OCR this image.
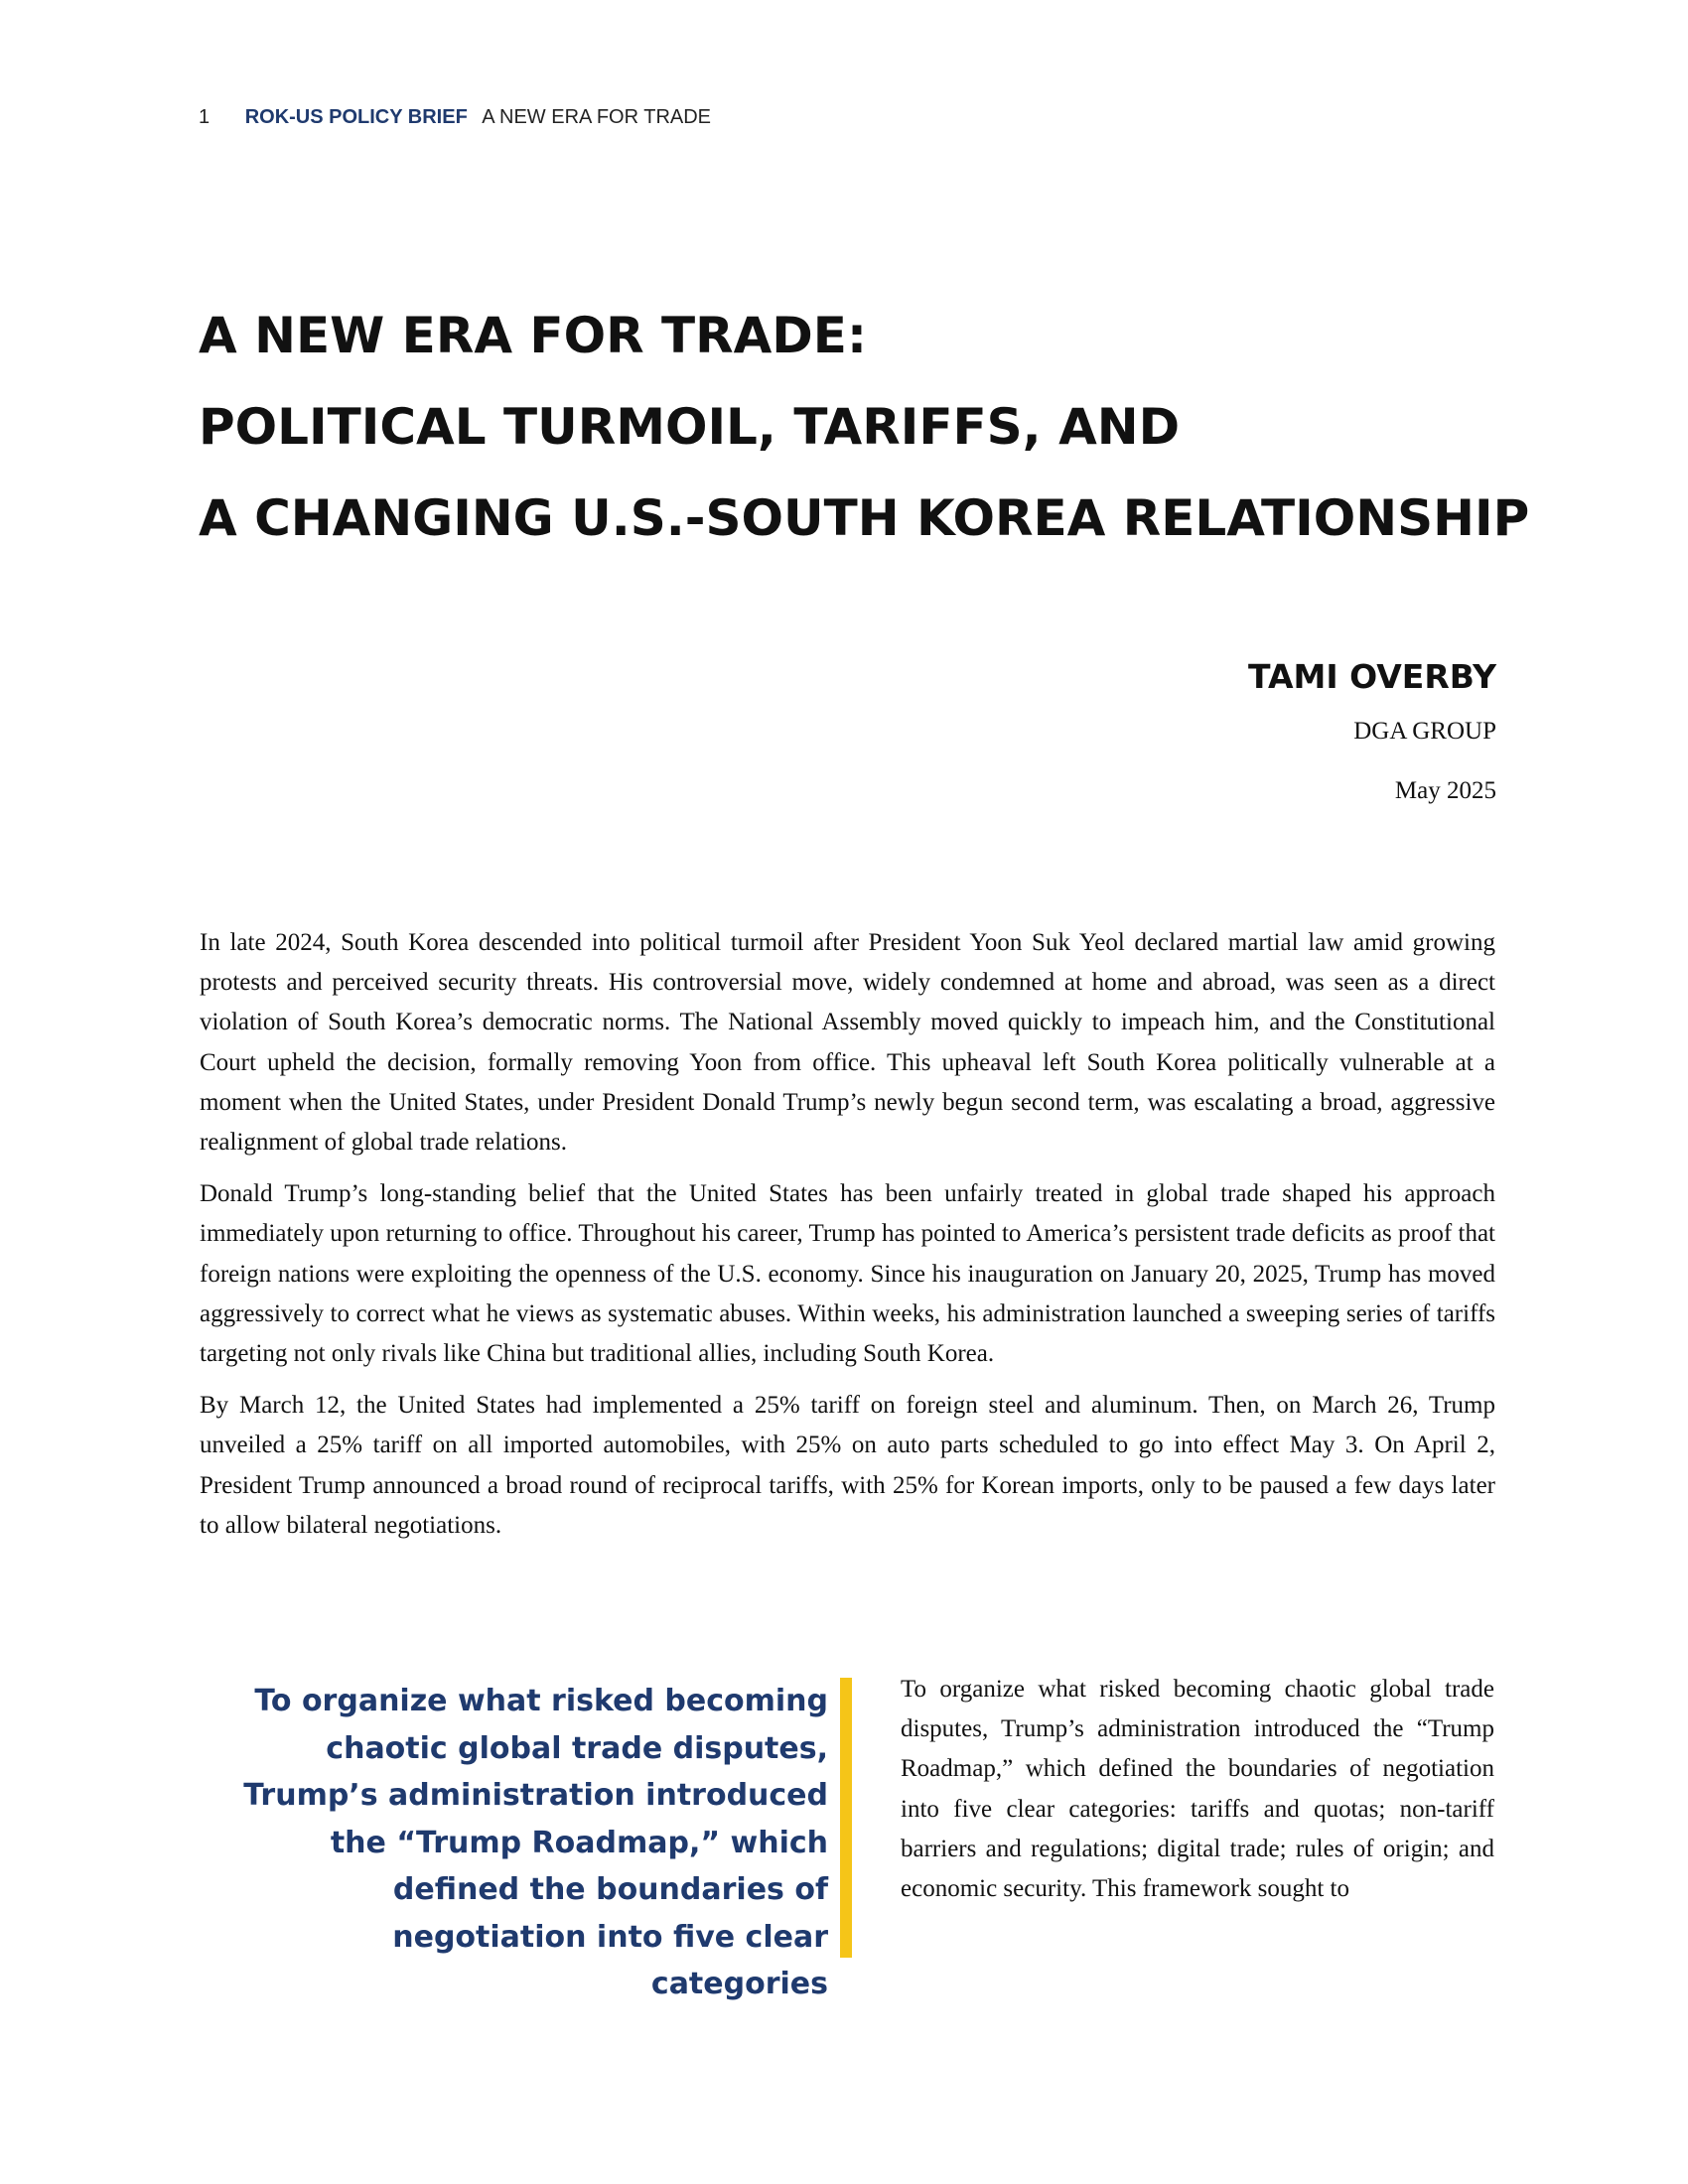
1 ROK-US POLICY BRIEF A NEW ERA FOR TRADE
A NEW ERA FOR TRADE:
POLITICAL TURMOIL, TARIFFS, AND
A CHANGING U.S.-SOUTH KOREA RELATIONSHIP
TAMI OVERBY
DGA GROUP
May 2025

In late 2024, South Korea descended into political turmoil after President Yoon Suk Yeol declared martial law amid growing protests and perceived security threats. His controversial move, widely condemned at home and abroad, was seen as a direct violation of South Korea’s democratic norms. The National Assembly moved quickly to impeach him, and the Constitutional Court upheld the decision, formally removing Yoon from office. This upheaval left South Korea politically vulnerable at a moment when the United States, under President Donald Trump’s newly begun second term, was escalating a broad, aggressive realignment of global trade relations.

Donald Trump’s long-standing belief that the United States has been unfairly treated in global trade shaped his approach immediately upon returning to office. Throughout his career, Trump has pointed to America’s persistent trade deficits as proof that foreign nations were exploiting the openness of the U.S. economy. Since his inauguration on January 20, 2025, Trump has moved aggressively to correct what he views as systematic abuses. Within weeks, his administration launched a sweeping series of tariffs targeting not only rivals like China but traditional allies, including South Korea.

By March 12, the United States had implemented a 25% tariff on foreign steel and aluminum. Then, on March 26, Trump unveiled a 25% tariff on all imported automobiles, with 25% on auto parts scheduled to go into effect May 3. On April 2, President Trump announced a broad round of reciprocal tariffs, with 25% for Korean imports, only to be paused a few days later to allow bilateral negotiations.

To organize what risked becoming chaotic global trade disputes, Trump’s administration introduced the “Trump Roadmap,” which defined the boundaries of negotiation into five clear categories

To organize what risked becoming chaotic global trade disputes, Trump’s administration introduced the “Trump Roadmap,” which defined the boundaries of negotiation into five clear categories: tariffs and quotas; non-tariff barriers and regulations; digital trade; rules of origin; and economic security. This framework sought to
